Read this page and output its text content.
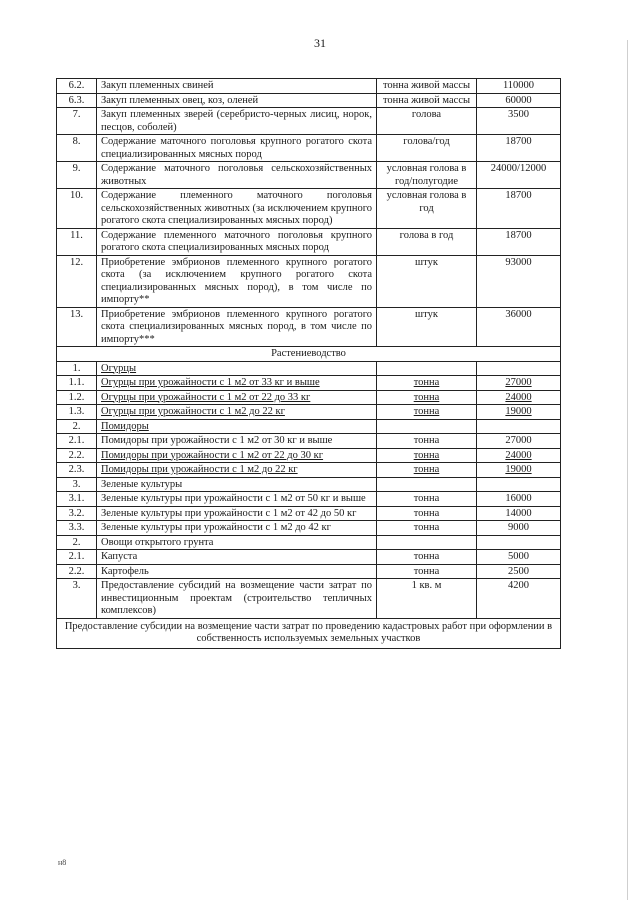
31
6.2.	Закуп племенных свиней	тонна живой массы	110000
6.3.	Закуп племенных овец, коз, оленей	тонна живой массы	60000
7.	Закуп племенных зверей (серебристо-черных лисиц, норок, песцов, соболей)	голова	3500
8.	Содержание маточного поголовья крупного рогатого скота специализированных мясных пород	голова/год	18700
9.	Содержание маточного поголовья сельскохозяйственных животных	условная голова в год/полугодие	24000/12000
10.	Содержание племенного маточного поголовья сельскохозяйственных животных (за исключением крупного рогатого скота специализированных мясных пород)	условная голова в год	18700
11.	Содержание племенного маточного поголовья крупного рогатого скота специализированных мясных пород	голова в год	18700
12.	Приобретение эмбрионов племенного крупного рогатого скота (за исключением крупного рогатого скота специализированных мясных пород), в том числе по импорту**	штук	93000
13.	Приобретение эмбрионов племенного крупного рогатого скота специализированных мясных пород, в том числе по импорту***	штук	36000
Растениеводство			
1.	Огурцы		
1.1.	Огурцы при урожайности с 1 м2 от 33 кг и выше	тонна	27000
1.2.	Огурцы при урожайности с 1 м2 от 22 до 33 кг	тонна	24000
1.3.	Огурцы при урожайности с 1 м2 до 22 кг	тонна	19000
2.	Помидоры		
2.1.	Помидоры при урожайности с 1 м2 от 30 кг и выше	тонна	27000
2.2.	Помидоры при урожайности с 1 м2 от 22 до 30 кг	тонна	24000
2.3.	Помидоры при урожайности с 1 м2 до 22 кг	тонна	19000
3.	Зеленые культуры		
3.1.	Зеленые культуры при урожайности с 1 м2 от 50 кг и выше	тонна	16000
3.2.	Зеленые культуры при урожайности с 1 м2 от 42 до 50 кг	тонна	14000
3.3.	Зеленые культуры при урожайности с 1 м2 до 42 кг	тонна	9000
2.	Овощи открытого грунта		
2.1.	Капуста	тонна	5000
2.2.	Картофель	тонна	2500
3.	Предоставление субсидий на возмещение части затрат по инвестиционным проектам (строительство тепличных комплексов)	1 кв. м	4200
Предоставление субсидии на возмещение части затрат по проведению кадастровых работ при оформлении в собственность используемых земельных участков			
н8
